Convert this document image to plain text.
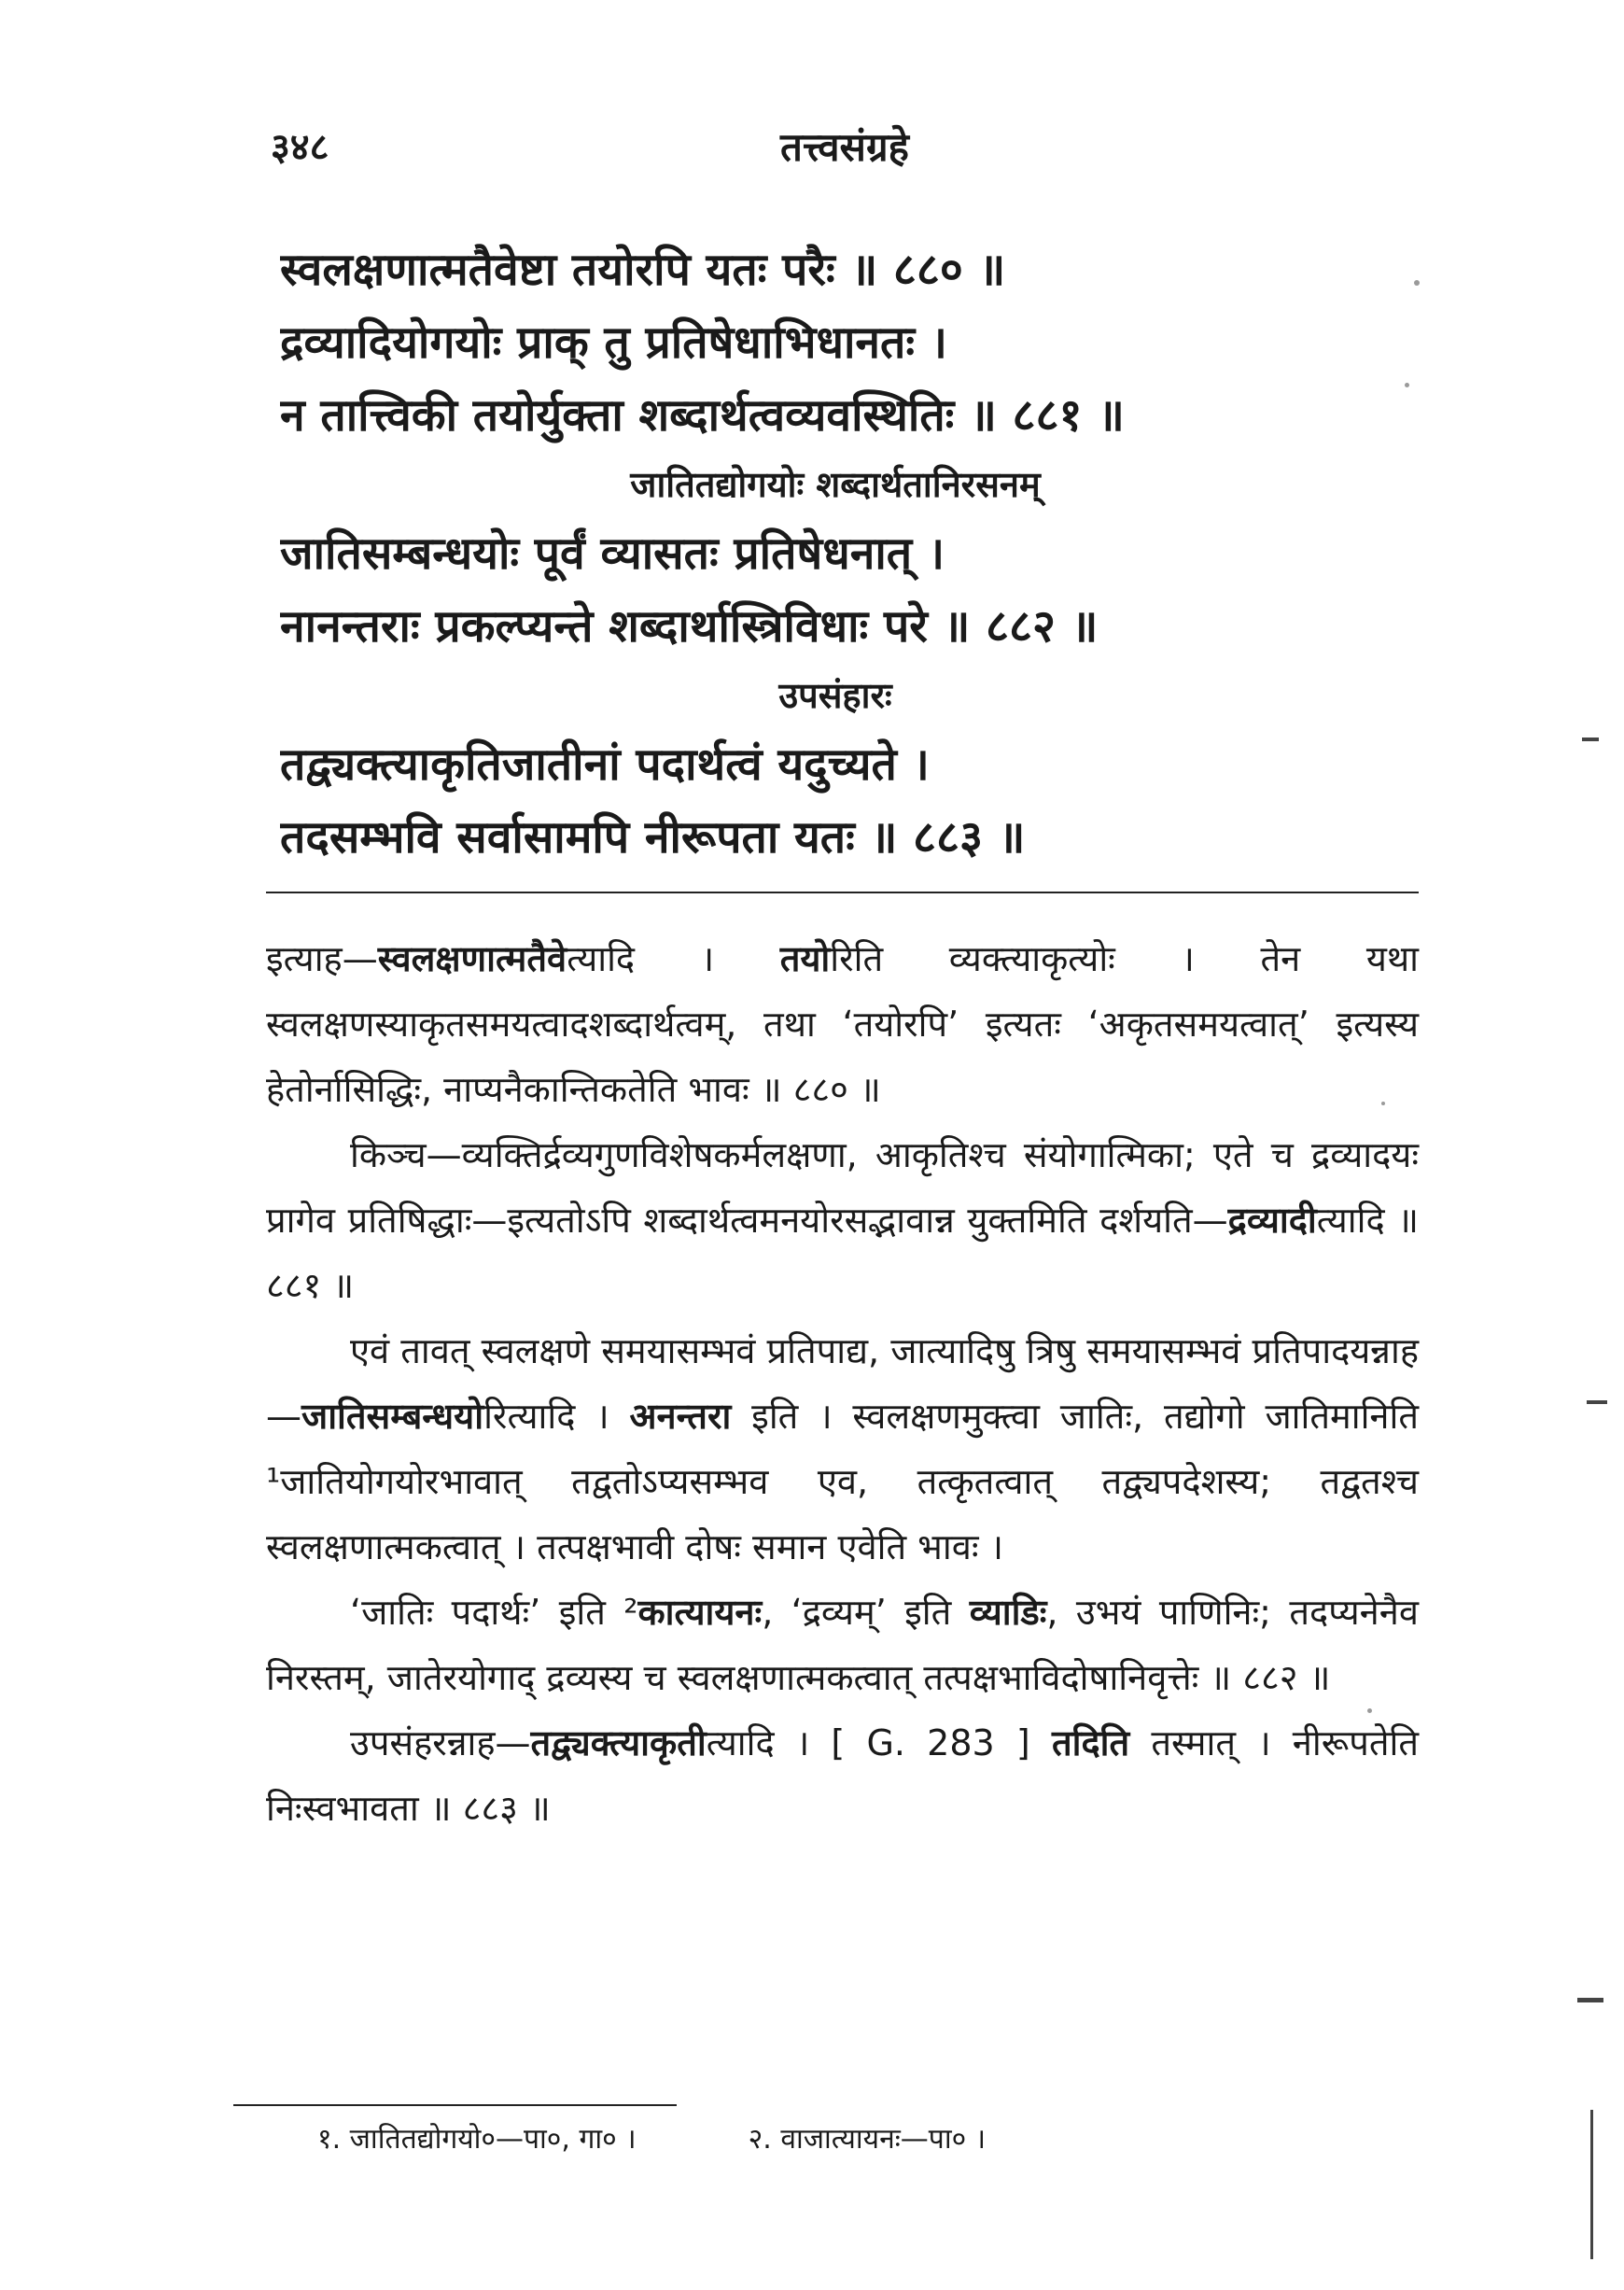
३४८	तत्त्वसंग्रहे
स्वलक्षणात्मतैवेष्टा तयोरपि यतः परैः ॥ ८८० ॥
द्रव्यादियोगयोः प्राक् तु प्रतिषेधाभिधानतः ।
न तात्त्विकी तयोर्युक्ता शब्दार्थत्वव्यवस्थितिः ॥ ८८१ ॥
जातितद्योगयोः शब्दार्थतानिरसनम्
जातिसम्बन्धयोः पूर्वं व्यासतः प्रतिषेधनात् ।
नानन्तराः प्रकल्प्यन्ते शब्दार्थास्त्रिविधाः परे ॥ ८८२ ॥
उपसंहारः
तद्व्यक्त्याकृतिजातीनां पदार्थत्वं यदुच्यते ।
तदसम्भवि सर्वासामपि नीरूपता यतः ॥ ८८३ ॥

इत्याह—स्वलक्षणात्मतैवेत्यादि । तयोरिति व्यक्त्याकृत्योः । तेन यथा स्वलक्षणस्याकृतसमयत्वादशब्दार्थत्वम्, तथा ‘तयोरपि’ इत्यतः ‘अकृतसमयत्वात्’ इत्यस्य हेतोर्नासिद्धिः, नाप्यनैकान्तिकतेति भावः ॥ ८८० ॥

किञ्च—व्यक्तिर्द्रव्यगुणविशेषकर्मलक्षणा, आकृतिश्च संयोगात्मिका; एते च द्रव्यादयः प्रागेव प्रतिषिद्धाः—इत्यतोऽपि शब्दार्थत्वमनयोरसद्भावान्न युक्तमिति दर्शयति—द्रव्यादीत्यादि ॥ ८८१ ॥

एवं तावत् स्वलक्षणे समयासम्भवं प्रतिपाद्य, जात्यादिषु त्रिषु समयासम्भवं प्रतिपादयन्नाह—जातिसम्बन्धयोरित्यादि । अनन्तरा इति । स्वलक्षणमुक्त्वा जातिः, तद्योगो जातिमानिति ¹जातियोगयोरभावात् तद्वतोऽप्यसम्भव एव, तत्कृतत्वात् तद्व्यपदेशस्य; तद्वतश्च स्वलक्षणात्मकत्वात् । तत्पक्षभावी दोषः समान एवेति भावः ।

‘जातिः पदार्थः’ इति ²कात्यायनः, ‘द्रव्यम्’ इति व्याडिः, उभयं पाणिनिः; तदप्यनेनैव निरस्तम्, जातेरयोगाद् द्रव्यस्य च स्वलक्षणात्मकत्वात् तत्पक्षभाविदोषानिवृत्तेः ॥ ८८२ ॥

उपसंहरन्नाह—तद्व्यक्त्याकृतीत्यादि । [ G. 283 ] तदिति तस्मात् । नीरूपतेति निःस्वभावता ॥ ८८३ ॥

१. जातितद्योगयो०—पा०, गा० ।	२. वाजात्यायनः—पा० ।
